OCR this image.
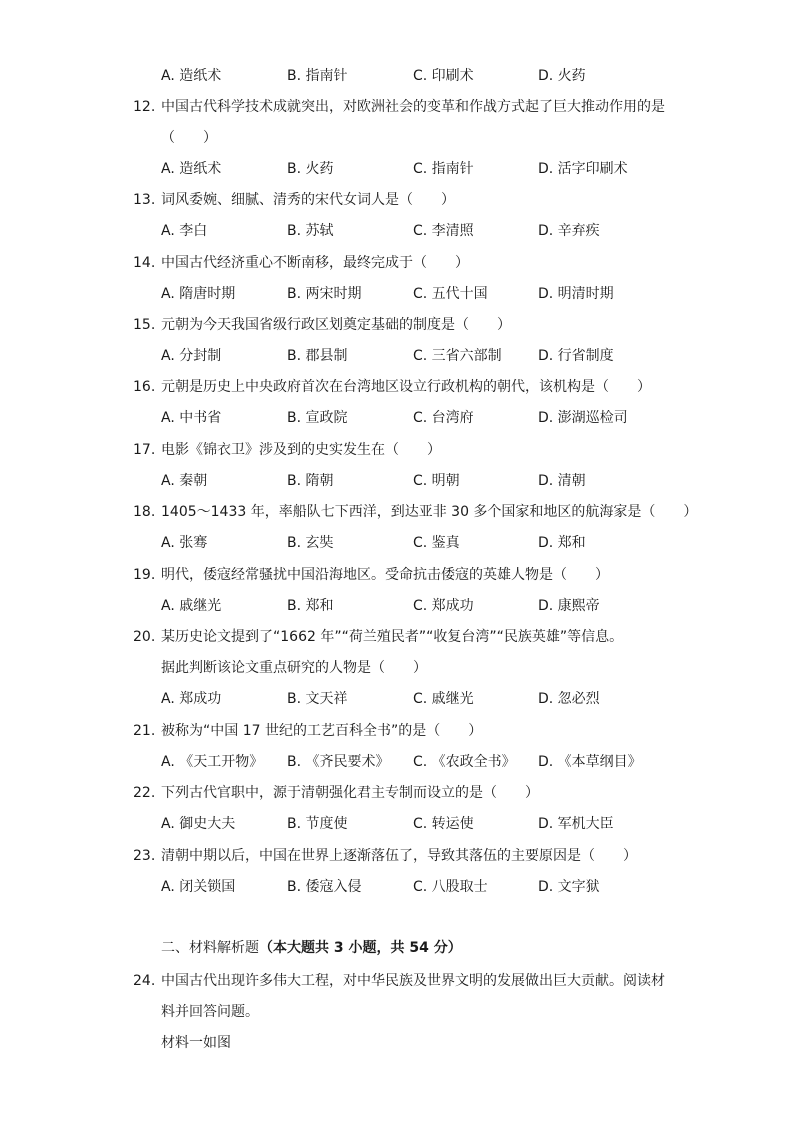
A. 造纸术	B. 指南针	C. 印刷术	D. 火药
12. 中国古代科学技术成就突出，对欧洲社会的变革和作战方式起了巨大推动作用的是
（　　）
A. 造纸术	B. 火药	C. 指南针	D. 活字印刷术
13. 词风委婉、细腻、清秀的宋代女词人是（　　）
A. 李白	B. 苏轼	C. 李清照	D. 辛弃疾
14. 中国古代经济重心不断南移，最终完成于（　　）
A. 隋唐时期	B. 两宋时期	C. 五代十国	D. 明清时期
15. 元朝为今天我国省级行政区划奠定基础的制度是（　　）
A. 分封制	B. 郡县制	C. 三省六部制	D. 行省制度
16. 元朝是历史上中央政府首次在台湾地区设立行政机构的朝代，该机构是（　　）
A. 中书省	B. 宣政院	C. 台湾府	D. 澎湖巡检司
17. 电影《锦衣卫》涉及到的史实发生在（　　）
A. 秦朝	B. 隋朝	C. 明朝	D. 清朝
18. 1405～1433 年，率船队七下西洋，到达亚非 30 多个国家和地区的航海家是（　　）
A. 张骞	B. 玄奘	C. 鉴真	D. 郑和
19. 明代，倭寇经常骚扰中国沿海地区。受命抗击倭寇的英雄人物是（　　）
A. 戚继光	B. 郑和	C. 郑成功	D. 康熙帝
20. 某历史论文提到了“1662 年”“荷兰殖民者”“收复台湾”“民族英雄”等信息。
据此判断该论文重点研究的人物是（　　）
A. 郑成功	B. 文天祥	C. 戚继光	D. 忽必烈
21. 被称为“中国 17 世纪的工艺百科全书”的是（　　）
A. 《天工开物》 B. 《齐民要术》 C. 《农政全书》 D. 《本草纲目》
22. 下列古代官职中，源于清朝强化君主专制而设立的是（　　）
A. 御史大夫	B. 节度使	C. 转运使	D. 军机大臣
23. 清朝中期以后，中国在世界上逐渐落伍了，导致其落伍的主要原因是（　　）
A. 闭关锁国	B. 倭寇入侵	C. 八股取士	D. 文字狱
二、材料解析题（本大题共 3 小题，共 54 分）
24. 中国古代出现许多伟大工程，对中华民族及世界文明的发展做出巨大贡献。阅读材
料并回答问题。
材料一如图
